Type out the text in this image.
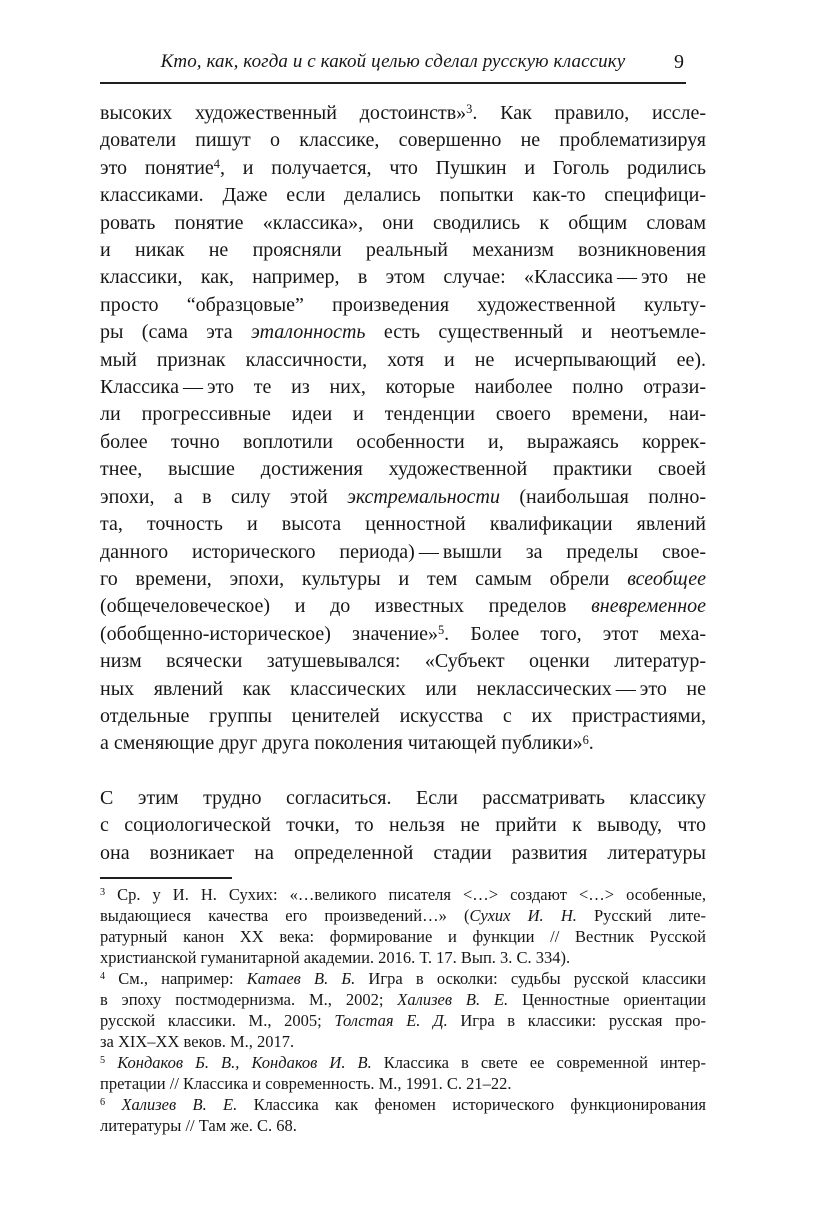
Кто, как, когда и с какой целью сделал русскую классику	9
высоких художественный достоинств»$^3$. Как правило, иссле-
дователи пишут о классике, совершенно не проблематизируя
это понятие$^4$, и получается, что Пушкин и Гоголь родились
классиками. Даже если делались попытки как-то специфици-
ровать понятие «классика», они сводились к общим словам
и никак не проясняли реальный механизм возникновения
классики, как, например, в этом случае: «Классика — это не
просто “образцовые” произведения художественной культу-
ры (сама эта эталонность есть существенный и неотъемле-
мый признак классичности, хотя и не исчерпывающий ее).
Классика — это те из них, которые наиболее полно отрази-
ли прогрессивные идеи и тенденции своего времени, наи-
более точно воплотили особенности и, выражаясь коррек-
тнее, высшие достижения художественной практики своей
эпохи, а в силу этой экстремальности (наибольшая полно-
та, точность и высота ценностной квалификации явлений
данного исторического периода) — вышли за пределы свое-
го времени, эпохи, культуры и тем самым обрели всеобщее
(общечеловеческое) и до известных пределов вневременное
(обобщенно-историческое) значение»$^5$. Более того, этот меха-
низм всячески затушевывался: «Субъект оценки литератур-
ных явлений как классических или неклассических — это не
отдельные группы ценителей искусства с их пристрастиями,
а сменяющие друг друга поколения читающей публики»$^6$.
С этим трудно согласиться. Если рассматривать классику
с социологической точки, то нельзя не прийти к выводу, что
она возникает на определенной стадии развития литературы
$^3$ Ср. у И. Н. Сухих: «…великого писателя <…> создают <…> особенные,
выдающиеся качества его произведений…» (Сухих И. Н. Русский лите-
ратурный канон XX века: формирование и функции // Вестник Русской
христианской гуманитарной академии. 2016. Т. 17. Вып. 3. С. 334).
$^4$ См., например: Катаев В. Б. Игра в осколки: судьбы русской классики
в эпоху постмодернизма. М., 2002; Хализев В. Е. Ценностные ориентации
русской классики. М., 2005; Толстая Е. Д. Игра в классики: русская про-
за XIX–XX веков. М., 2017.
$^5$ Кондаков Б. В., Кондаков И. В. Классика в свете ее современной интер-
претации // Классика и современность. М., 1991. С. 21–22.
$^6$ Хализев В. Е. Классика как феномен исторического функционирования
литературы // Там же. С. 68.
